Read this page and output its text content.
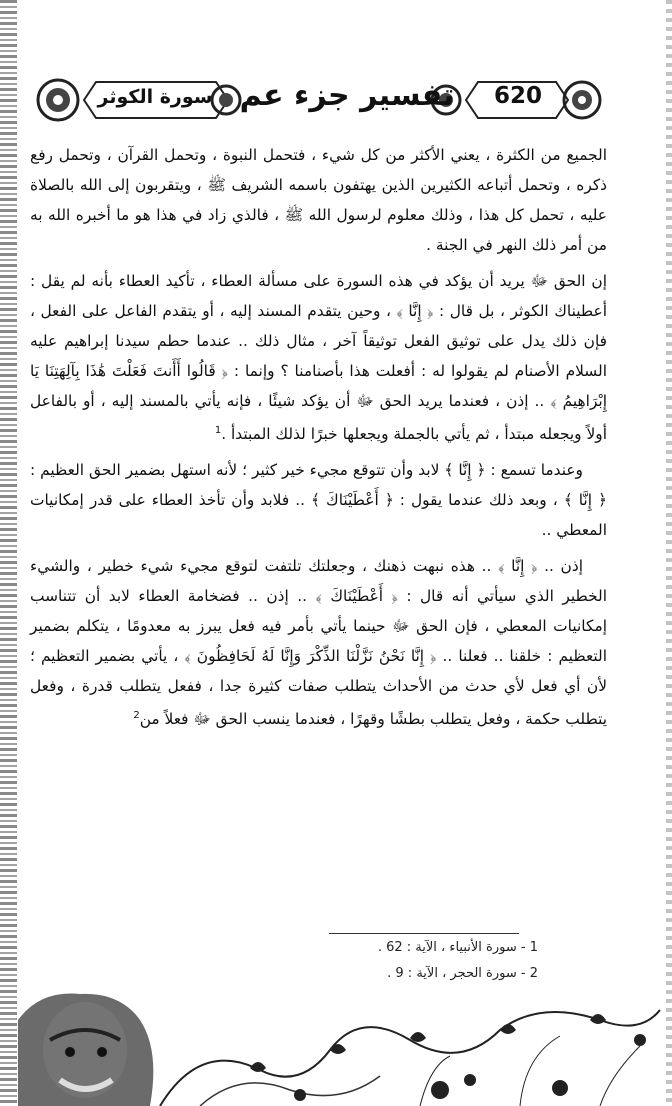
620
تفسير جزء عم
سورة الكوثر

الجميع من الكثرة ، يعني الأكثر من كل شيء ، فتحمل النبوة ، وتحمل القرآن ، وتحمل رفع ذكره ، وتحمل أتباعه الكثيرين الذين يهتفون باسمه الشريف ﷺ ، ويتقربون إلى الله بالصلاة عليه ، تحمل كل هذا ، وذلك معلوم لرسول الله ﷺ ، فالذي زاد في هذا هو ما أخبره الله به من أمر ذلك النهر في الجنة .

إن الحق ﷻ يريد أن يؤكد في هذه السورة على مسألة العطاء ، تأكيد العطاء بأنه لم يقل : أعطيناك الكوثر ، بل قال : ﴿ إِنَّا ﴾ ، وحين يتقدم المسند إليه ، أو يتقدم الفاعل على الفعل ، فإن ذلك يدل على توثيق الفعل توثيقاً آخر ، مثال ذلك .. عندما حطم سيدنا إبراهيم عليه السلام الأصنام لم يقولوا له : أفعلت هذا بأصنامنا ؟ وإنما : ﴿ قَالُوا أَأَنتَ فَعَلْتَ هَٰذَا بِآلِهَتِنَا يَا إِبْرَاهِيمُ ﴾ .. إذن ، فعندما يريد الحق ﷻ أن يؤكد شيئًا ، فإنه يأتي بالمسند إليه ، أو بالفاعل أولاً ويجعله مبتدأ ، ثم يأتي بالجملة ويجعلها خبرًا لذلك المبتدأ .$^1$

وعندما تسمع : ﴿ إِنَّا ﴾ لابد وأن تتوقع مجيء خير كثير ؛ لأنه استهل بضمير الحق العظيم : ﴿ إِنَّا ﴾ ، وبعد ذلك عندما يقول : ﴿ أَعْطَيْنَاكَ ﴾ .. فلابد وأن تأخذ العطاء على قدر إمكانيات المعطي ..

إذن .. ﴿ إِنَّا ﴾ .. هذه نبهت ذهنك ، وجعلتك تلتفت لتوقع مجيء شيء خطير ، والشيء الخطير الذي سيأتي أنه قال : ﴿ أَعْطَيْنَاكَ ﴾ .. إذن .. فضخامة العطاء لابد أن تتناسب إمكانيات المعطي ، فإن الحق ﷻ حينما يأتي بأمر فيه فعل يبرز به معدومًا ، يتكلم بضمير التعظيم : خلقنا .. فعلنا .. ﴿ إِنَّا نَحْنُ نَزَّلْنَا الذِّكْرَ وَإِنَّا لَهُ لَحَافِظُونَ ﴾ ، يأتي بضمير التعظيم ؛ لأن أي فعل لأي حدث من الأحداث يتطلب صفات كثيرة جدا ، ففعل يتطلب قدرة ، وفعل يتطلب حكمة ، وفعل يتطلب بطشًا وقهرًا ، فعندما ينسب الحق ﷻ فعلاً من$^2$

1 - سورة الأنبياء ، الآية : 62 .
2 - سورة الحجر ، الآية : 9 .
